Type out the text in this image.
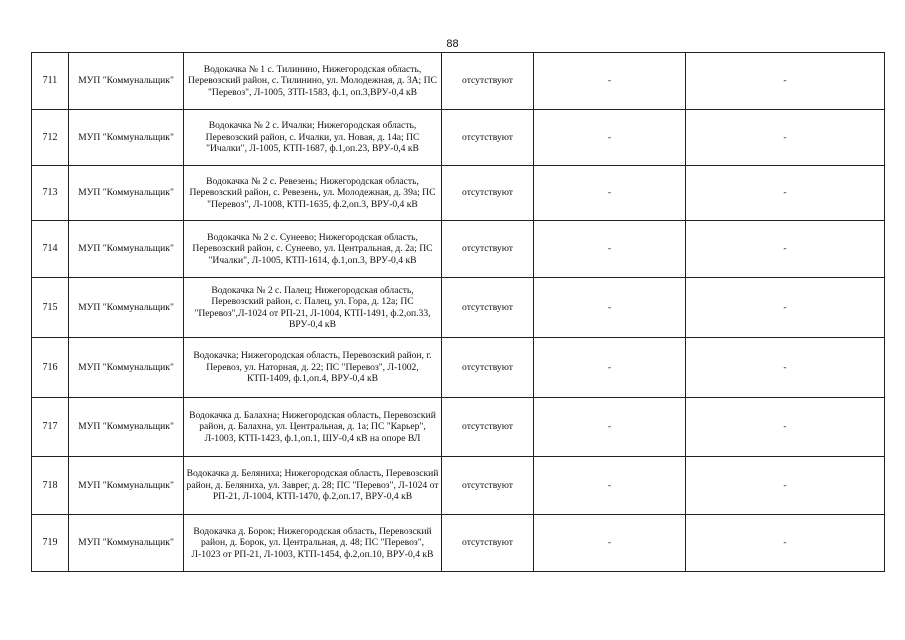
88
711	МУП "Коммунальщик"	Водокачка № 1 с. Тилинино, Нижегородская область, Перевозский район, с. Тилинино, ул. Молодежная, д. 3А; ПС "Перевоз", Л-1005, ЗТП-1583, ф.1, оп.3,ВРУ-0,4 кВ	отсутствуют	-	-
712	МУП "Коммунальщик"	Водокачка № 2 с. Ичалки; Нижегородская область, Перевозский район, с. Ичалки, ул. Новая, д. 14а; ПС "Ичалки", Л-1005, КТП-1687, ф.1,оп.23, ВРУ-0,4 кВ	отсутствуют	-	-
713	МУП "Коммунальщик"	Водокачка № 2 с. Ревезень; Нижегородская область, Перевозский район, с. Ревезень, ул. Молодежная, д. 39а; ПС "Перевоз", Л-1008, КТП-1635, ф.2,оп.3, ВРУ-0,4 кВ	отсутствуют	-	-
714	МУП "Коммунальщик"	Водокачка № 2 с. Сунеево; Нижегородская область, Перевозский район, с. Сунеево, ул. Центральная, д. 2а; ПС "Ичалки", Л-1005, КТП-1614, ф.1,оп.3, ВРУ-0,4 кВ	отсутствуют	-	-
715	МУП "Коммунальщик"	Водокачка № 2 с. Палец; Нижегородская область, Перевозский район, с. Палец, ул. Гора, д. 12а; ПС "Перевоз",Л-1024 от РП-21, Л-1004, КТП-1491, ф.2,оп.33, ВРУ-0,4 кВ	отсутствуют	-	-
716	МУП "Коммунальщик"	Водокачка; Нижегородская область, Перевозский район, г. Перевоз, ул. Наторная, д. 22; ПС "Перевоз", Л-1002, КТП-1409, ф.1,оп.4, ВРУ-0,4 кВ	отсутствуют	-	-
717	МУП "Коммунальщик"	Водокачка д. Балахна; Нижегородская область, Перевозский район, д. Балахна, ул. Центральная, д. 1а; ПС "Карьер", Л-1003, КТП-1423, ф.1,оп.1, ШУ-0,4 кВ на опоре ВЛ	отсутствуют	-	-
718	МУП "Коммунальщик"	Водокачка д. Беляниха; Нижегородская область, Перевозский район, д. Беляниха, ул. Заврег, д. 28; ПС "Перевоз", Л-1024 от РП-21, Л-1004, КТП-1470, ф.2,оп.17, ВРУ-0,4 кВ	отсутствуют	-	-
719	МУП "Коммунальщик"	Водокачка д. Борок; Нижегородская область, Перевозский район, д. Борок, ул. Центральная, д. 48; ПС "Перевоз", Л-1023 от РП-21, Л-1003, КТП-1454, ф.2,оп.10, ВРУ-0,4 кВ	отсутствуют	-	-
